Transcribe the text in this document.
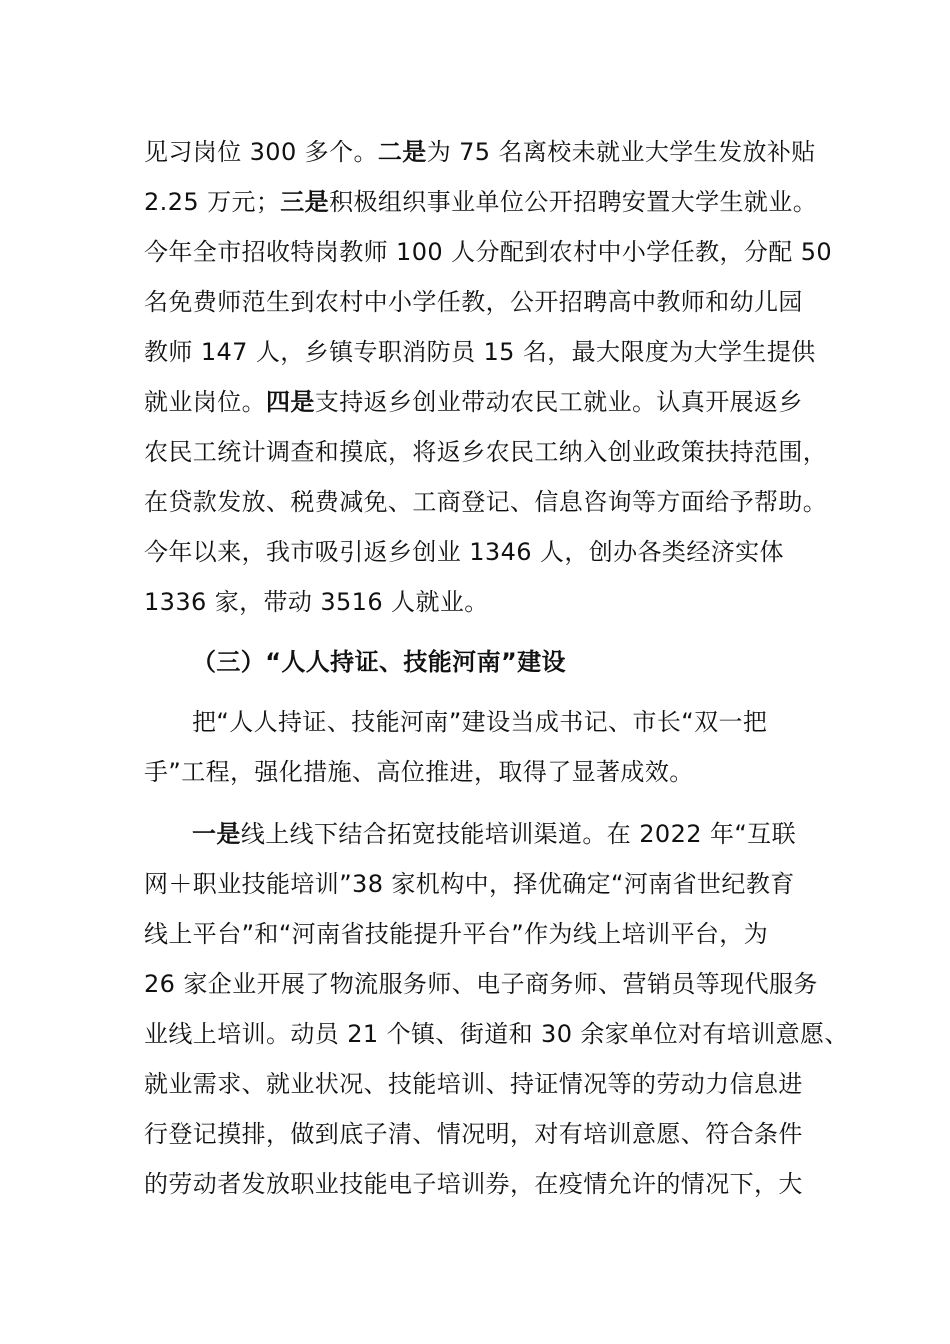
见习岗位 300 多个。二是为 75 名离校未就业大学生发放补贴
2.25 万元；三是积极组织事业单位公开招聘安置大学生就业。
今年全市招收特岗教师 100 人分配到农村中小学任教，分配 50
名免费师范生到农村中小学任教，公开招聘高中教师和幼儿园
教师 147 人，乡镇专职消防员 15 名，最大限度为大学生提供
就业岗位。四是支持返乡创业带动农民工就业。认真开展返乡
农民工统计调查和摸底，将返乡农民工纳入创业政策扶持范围，
在贷款发放、税费减免、工商登记、信息咨询等方面给予帮助。
今年以来，我市吸引返乡创业 1346 人，创办各类经济实体
1336 家，带动 3516 人就业。
（三）“人人持证、技能河南”建设
把“人人持证、技能河南”建设当成书记、市长“双一把
手”工程，强化措施、高位推进，取得了显著成效。
一是线上线下结合拓宽技能培训渠道。在 2022 年“互联
网＋职业技能培训”38 家机构中，择优确定“河南省世纪教育
线上平台”和“河南省技能提升平台”作为线上培训平台，为
26 家企业开展了物流服务师、电子商务师、营销员等现代服务
业线上培训。动员 21 个镇、街道和 30 余家单位对有培训意愿、
就业需求、就业状况、技能培训、持证情况等的劳动力信息进
行登记摸排，做到底子清、情况明，对有培训意愿、符合条件
的劳动者发放职业技能电子培训券，在疫情允许的情况下，大
